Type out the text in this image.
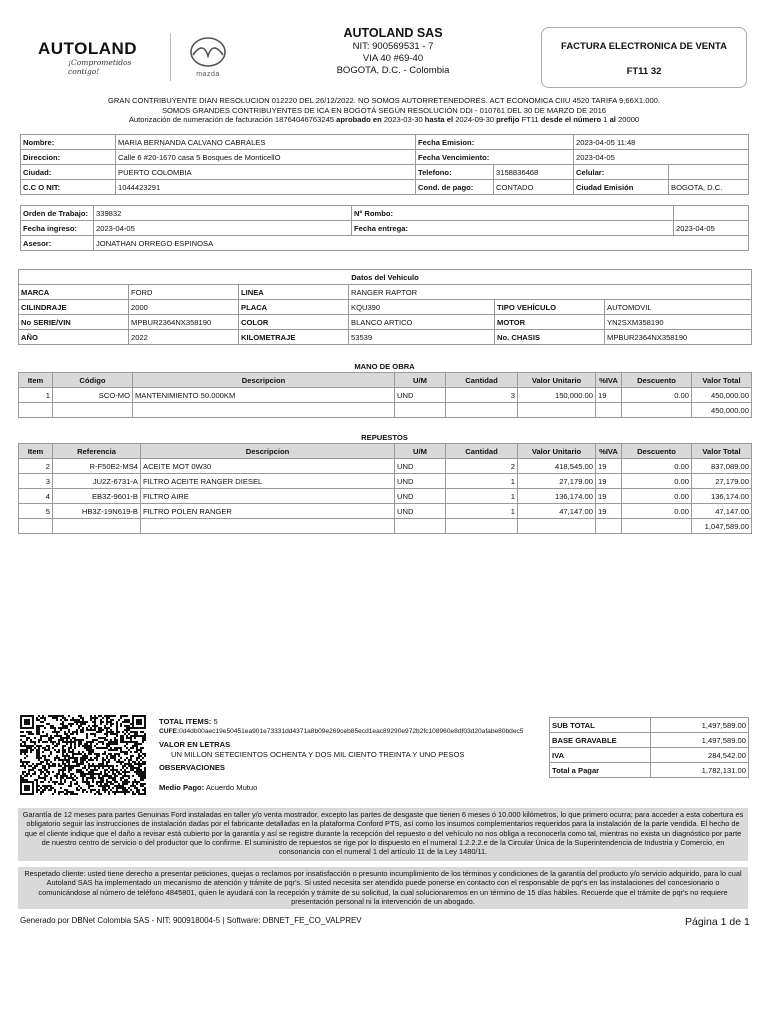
AUTOLAND
¡Comprometidos contigo!	mazda
AUTOLAND SAS
NIT: 900569531 - 7
VIA 40 #69-40
BOGOTA, D.C. - Colombia
FACTURA ELECTRONICA DE VENTA
FT11 32
GRAN CONTRIBUYENTE DIAN RESOLUCION 012220 DEL 26/12/2022. NO SOMOS AUTORRETENEDORES. ACT ECONOMICA CIIU 4520 TARIFA 9,66X1.000.
SOMOS GRANDES CONTRIBUYENTES DE ICA EN BOGOTÁ SEGÚN RESOLUCIÓN DDI - 010761 DEL 30 DE MARZO DE 2016
Autorización de numeración de facturación 18764046763245 aprobado en 2023-03-30 hasta el 2024-09-30 prefijo FT11 desde el número 1 al 20000
Nombre:	MARIA BERNANDA CALVANO CABRALES	Fecha Emision:		2023-04-05 11:48	
Direccion:	Calle 6 #20-1670 casa 5 Bosques de MonticellO	Fecha Vencimiento:		2023-04-05	
Ciudad:	PUERTO COLOMBIA	Telefono:	3158836468	Celular:	
C.C O NIT:	1044423291	Cond. de pago:	CONTADO	Ciudad Emisión	BOGOTA, D.C.
Orden de Trabajo:	339832	Nº Rombo:	
Fecha ingreso:	2023-04-05	Fecha entrega:	2023-04-05
Asesor:	JONATHAN ORREGO ESPINOSA		
Datos del Vehiculo					
MARCA	FORD	LINEA	RANGER RAPTOR		
CILINDRAJE	2000	PLACA	KQU390	TIPO VEHÍCULO	AUTOMOVIL
No SERIE/VIN	MPBUR2364NX358190	COLOR	BLANCO ARTICO	MOTOR	YN2SXM358190
AÑO	2022	KILOMETRAJE	53539	No. CHASIS	MPBUR2364NX358190
MANO DE OBRA
Item	Código	Descripcion	U/M	Cantidad	Valor Unitario	%IVA	Descuento	Valor Total
1	SCO-MO	MANTENIMIENTO 50.000KM	UND	3	150,000.00	19	0.00	450,000.00
								450,000.00
REPUESTOS
Item	Referencia	Descripcion	U/M	Cantidad	Valor Unitario	%IVA	Descuento	Valor Total
2	R-F50E2-MS4	ACEITE MOT 0W30	UND	2	418,545.00	19	0.00	837,089.00
3	JU2Z-6731-A	FILTRO ACEITE RANGER DIESEL	UND	1	27,179.00	19	0.00	27,179.00
4	EB3Z-9601-B	FILTRO AIRE	UND	1	136,174.00	19	0.00	136,174.00
5	HB3Z-19N619-B	FILTRO POLEN RANGER	UND	1	47,147.00	19	0.00	47,147.00
								1,047,589.00
TOTAL ITEMS: 5
CUFE:0d4db00aec19e50451ea901e73331dd4371a8b09e269ceb85ecd1eac89290e972b2fc108960e8df03d20afabe80bdec5
VALOR EN LETRAS
UN MILLON SETECIENTOS OCHENTA Y DOS MIL CIENTO TREINTA Y UNO PESOS
OBSERVACIONES
Medio Pago: Acuerdo Mutuo
SUB TOTAL	1,497,589.00
BASE GRAVABLE	1,497,589.00
IVA	284,542.00
Total a Pagar	1,782,131.00
Garantía de 12 meses para partes Genuinas Ford instaladas en taller y/o venta mostrador, excepto las partes de desgaste que tienen 6 meses ó 10.000 kilómetros, lo que primero ocurra; para acceder a esta cobertura es obligatorio seguir las instrucciones de instalación dadas por el fabricante detalladas en la plataforma Conford PTS, así como los insumos complementarios requeridos para la instalación de la parte vendida. El hecho de que el cliente indique que el daño a revisar está cubierto por la garantía y así se registre durante la recepción del repuesto o del vehículo no nos obliga a reconocerla como tal, mientras no exista un diagnóstico por parte de nuestro centro de servicio o del productor que lo confirme. El suministro de repuestos se rige por lo dispuesto en el numeral 1.2.2.2.e de la Circular Única de la Superintendencia de Industria y Comercio, en consonancia con el numeral 1 del artículo 11 de la Ley 1480/11.
Respetado cliente: usted tiene derecho a presentar peticiones, quejas o reclamos por insatisfacción o presunto incumplimiento de los términos y condiciones de la garantía del producto y/o servicio adquirido, para lo cual Autoland SAS ha implementado un mecanismo de atención y trámite de pqr's. Si usted necesita ser atendido puede ponerse en contacto con el responsable de pqr's en las instalaciones del concesionario o comunicándose al número de teléfono 4845801, quien le ayudará con la recepción y trámite de su solicitud, la cual solucionaremos en un término de 15 días hábiles. Recuerde que el trámite de pqr's no requiere presentación personal ni la intervención de un abogado.
Generado por DBNet Colombia SAS - NIT: 900918004-5 | Software: DBNET_FE_CO_VALPREV	Página 1 de 1
